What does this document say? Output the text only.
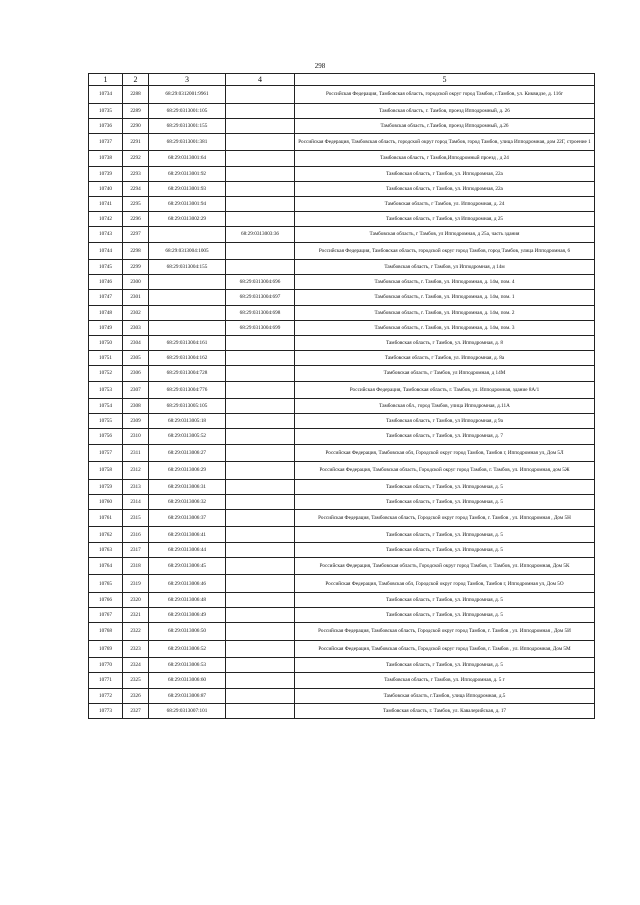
298
1	2	3	4	5
10734	2288	68:29:0312001:9961		Российская Федерация, Тамбовская область, городской округ город Тамбов, г.Тамбов, ул. Киквидзе, д. 116г
10735	2289	68:29:0313001:105		Тамбовская область, г. Тамбов, проезд Ипподромный, д. 26
10736	2290	68:29:0313001:155		Тамбовская область, г.Тамбов, проезд Ипподромный, д.26
10737	2291	68:29:0313001:381		Российская Федерация, Тамбовская область, городской округ город Тамбов, город Тамбов, улица Ипподромная, дом 22Г, строение 1
10738	2292	68:29:0313001:64		Тамбовская область, г Тамбов,Ипподромный проезд , д 24
10739	2293	68:29:0313001:92		Тамбовская область, г Тамбов, ул. Ипподромная, 22а
10740	2294	68:29:0313001:93		Тамбовская область, г Тамбов, ул. Ипподромная, 22а
10741	2295	68:29:0313001:94		Тамбовская область, г Тамбов, ул. Ипподромная, д. 24
10742	2296	68:29:0313002:29		Тамбовская область, г Тамбов, ул Ипподромная, д 25
10743	2297		68:29:0313003:36	Тамбовская область, г Тамбов, ул Ипподромная, д 25а, часть здания
10744	2298	68:29:0313004:1005		Российская Федерация, Тамбовская область, городской округ город Тамбов, город Тамбов, улица Ипподромная, 6
10745	2299	68:29:0313004:155		Тамбовская область, г Тамбов, ул Ипподромная, д 14м
10746	2300		68:29:0313004:696	Тамбовская область, г. Тамбов, ул. Ипподромная, д. 14м, пом. 4
10747	2301		68:29:0313004:697	Тамбовская область, г. Тамбов, ул. Ипподромная, д. 14м, пом. 1
10748	2302		68:29:0313004:698	Тамбовская область, г. Тамбов, ул. Ипподромная, д. 14м, пом. 2
10749	2303		68:29:0313004:699	Тамбовская область, г. Тамбов, ул. Ипподромная, д. 14м, пом. 3
10750	2304	68:29:0313004:161		Тамбовская область, г Тамбов, ул. Ипподромная, д. 8
10751	2305	68:29:0313004:162		Тамбовская область, г Тамбов, ул. Ипподромная, д. 8а
10752	2306	68:29:0313004:728		Тамбовская область, г Тамбов, ул Ипподромная, д 14М
10753	2307	68:29:0313004:776		Российская Федерация, Тамбовская область, г. Тамбов, ул. Ипподромная, здание 8А/1
10754	2308	68:29:0313005:105		Тамбовская обл., город Тамбов, улица Ипподромная, д.11А
10755	2309	68:29:0313005:18		Тамбовская область, г Тамбов, ул Ипподромная, д 9а
10756	2310	68:29:0313005:52		Тамбовская область, г Тамбов, ул. Ипподромная, д. 7
10757	2311	68:29:0313006:27		Российская Федерация, Тамбовская обл, Городской округ город Тамбов, Тамбов г, Ипподромная ул, Дом 5Л
10758	2312	68:29:0313006:29		Российская Федерация, Тамбовская область, Городской округ город Тамбов, г. Тамбов, ул. Ипподромная, дом 5Ж
10759	2313	68:29:0313006:31		Тамбовская область, г Тамбов, ул. Ипподромная, д. 5
10760	2314	68:29:0313006:32		Тамбовская область, г Тамбов, ул. Ипподромная, д. 5
10761	2315	68:29:0313006:37		Российская Федерация, Тамбовская область, Городской округ город Тамбов, г. Тамбов , ул. Ипподромная , Дом 5Н
10762	2316	68:29:0313006:41		Тамбовская область, г Тамбов, ул. Ипподромная, д. 5
10763	2317	68:29:0313006:44		Тамбовская область, г Тамбов, ул. Ипподромная, д. 5
10764	2318	68:29:0313006:45		Российская Федерация, Тамбовская область, Городской округ город Тамбов, г. Тамбов, ул. Ипподромная, Дом 5К
10765	2319	68:29:0313006:46		Российская Федерация, Тамбовская обл, Городской округ город Тамбов, Тамбов г, Ипподромная ул, Дом 5О
10766	2320	68:29:0313006:48		Тамбовская область, г Тамбов, ул. Ипподромная, д. 5
10767	2321	68:29:0313006:49		Тамбовская область, г Тамбов, ул. Ипподромная, д. 5
10768	2322	68:29:0313006:50		Российская Федерация, Тамбовская область, Городской округ город Тамбов, г. Тамбов , ул. Ипподромная , Дом 5И
10769	2323	68:29:0313006:52		Российская Федерация, Тамбовская область, Городской округ город Тамбов, г. Тамбов , ул. Ипподромная, Дом 5М
10770	2324	68:29:0313006:53		Тамбовская область, г Тамбов, ул. Ипподромная, д. 5
10771	2325	68:29:0313006:60		Тамбовская область, г Тамбов, ул. Ипподромная, д. 5 г
10772	2326	68:29:0313006:87		Тамбовская область, г.Тамбов, улица Ипподромная, д.5
10773	2327	68:29:0313007:101		Тамбовская область, г. Тамбов, ул. Кавалерийская, д. 17
